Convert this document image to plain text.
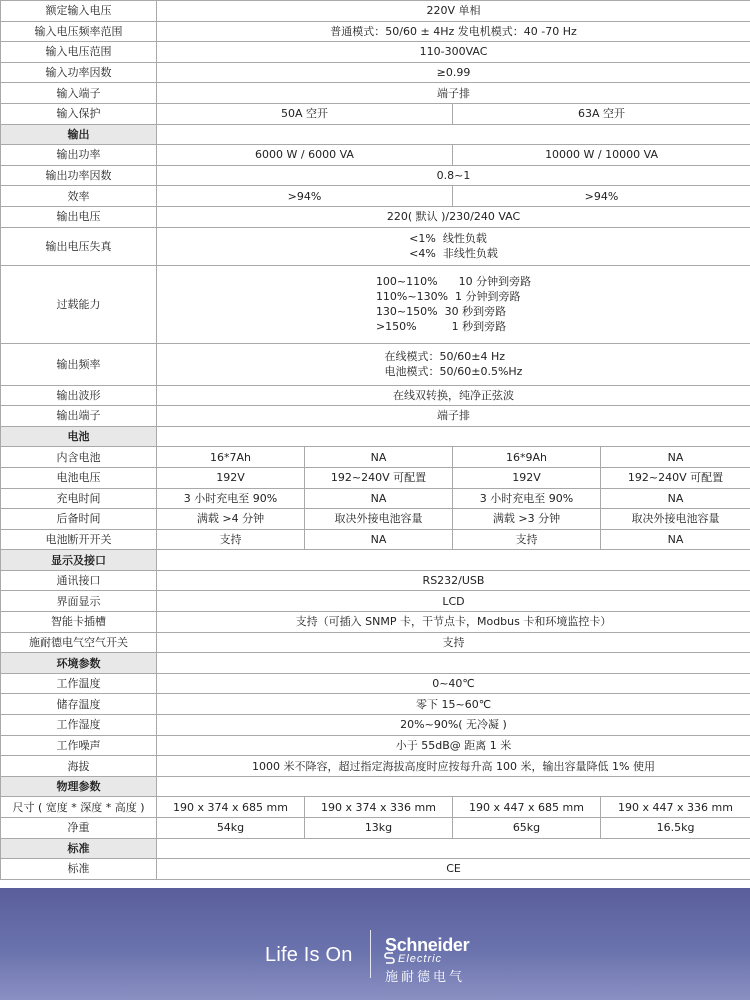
额定输入电压	220V 单相			
输入电压频率范围	普通模式：50/60 ± 4Hz 发电机模式：40 -70 Hz			
输入电压范围	110-300VAC			
输入功率因数	≥0.99			
输入端子	端子排			
输入保护	50A 空开		63A 空开	
输出				
输出功率	6000 W / 6000 VA		10000 W / 10000 VA	
输出功率因数	0.8~1			
效率	>94%		>94%	
输出电压	220( 默认 )/230/240 VAC			
输出电压失真	<1%  线性负载
<4%  非线性负载			
过载能力	100~110%      10 分钟到旁路
110%~130%  1 分钟到旁路
130~150%  30 秒到旁路
>150%          1 秒到旁路			
输出频率	在线模式：50/60±4 Hz
电池模式：50/60±0.5%Hz			
输出波形	在线双转换，纯净正弦波			
输出端子	端子排			
电池				
内含电池	16*7Ah	NA	16*9Ah	NA
电池电压	192V	192~240V 可配置	192V	192~240V 可配置
充电时间	3 小时充电至 90%	NA	3 小时充电至 90%	NA
后备时间	满载 >4 分钟	取决外接电池容量	满载 >3 分钟	取决外接电池容量
电池断开开关	支持	NA	支持	NA
显示及接口				
通讯接口	RS232/USB			
界面显示	LCD			
智能卡插槽	支持（可插入 SNMP 卡，干节点卡，Modbus 卡和环境监控卡）			
施耐德电气空气开关	支持			
环境参数				
工作温度	0~40℃			
储存温度	零下 15~60℃			
工作湿度	20%~90%( 无冷凝 )			
工作噪声	小于 55dB@ 距离 1 米			
海拔	1000 米不降容，超过指定海拔高度时应按每升高 100 米，输出容量降低 1% 使用			
物理参数				
尺寸 ( 宽度 * 深度 * 高度 )	190 x 374 x 685 mm	190 x 374 x 336 mm	190 x 447 x 685 mm	190 x 447 x 336 mm
净重	54kg	13kg	65kg	16.5kg
标准				
标准	CE			
Life Is On Schneider
Electric
施耐德电气
